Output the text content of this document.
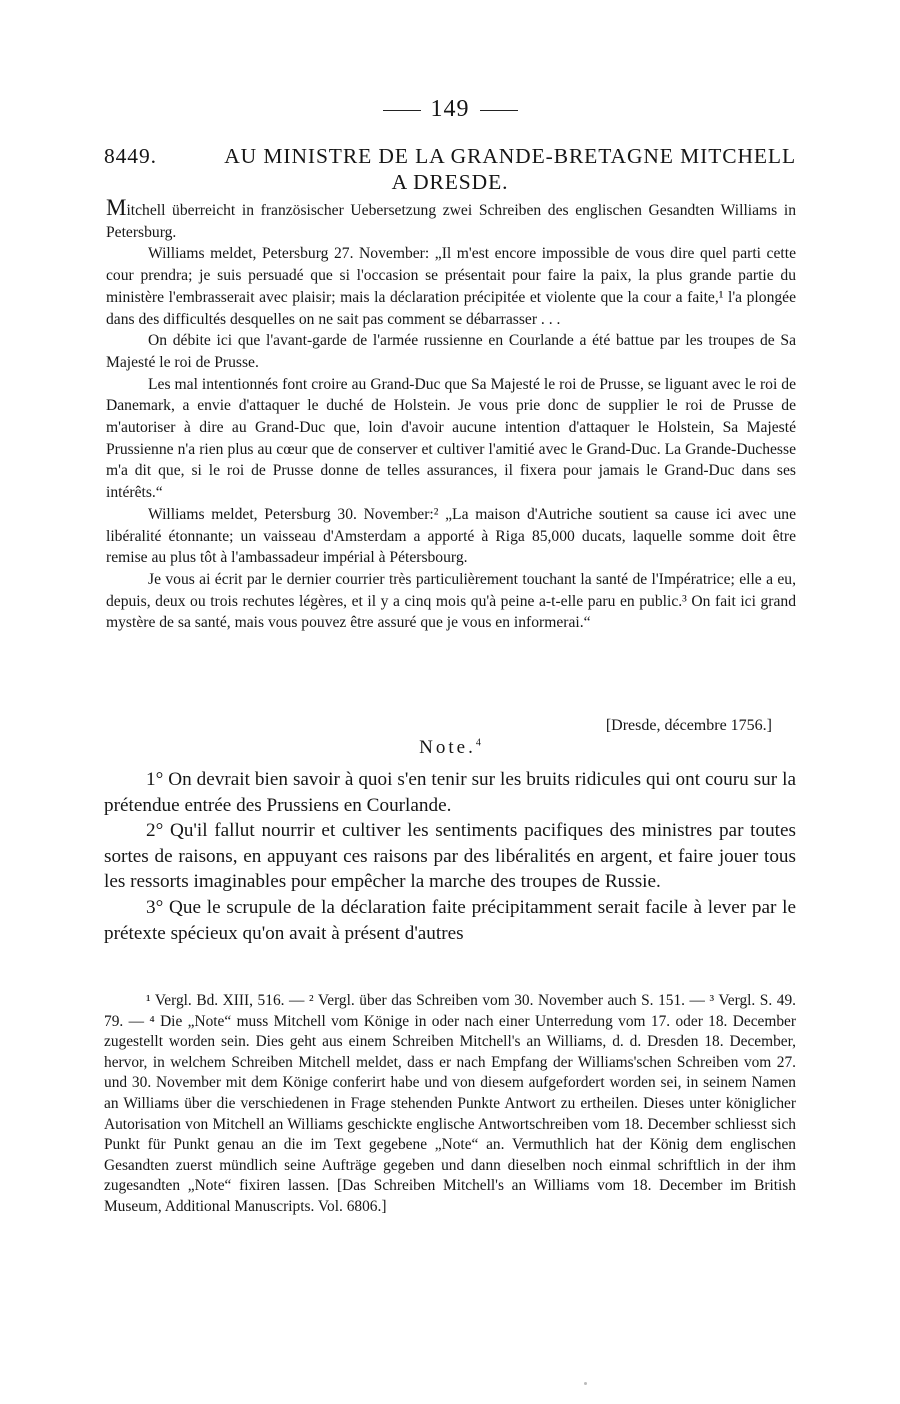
149
8449.	AU MINISTRE DE LA GRANDE-BRETAGNE MITCHELL
A DRESDE.

Mitchell überreicht in französischer Uebersetzung zwei Schreiben des englischen Gesandten Williams in Petersburg.

Williams meldet, Petersburg 27. November: „Il m'est encore impossible de vous dire quel parti cette cour prendra; je suis persuadé que si l'occasion se présentait pour faire la paix, la plus grande partie du ministère l'embrasserait avec plaisir; mais la déclaration précipitée et violente que la cour a faite,¹ l'a plongée dans des difficultés desquelles on ne sait pas comment se débarrasser . . .

On débite ici que l'avant-garde de l'armée russienne en Courlande a été battue par les troupes de Sa Majesté le roi de Prusse.

Les mal intentionnés font croire au Grand-Duc que Sa Majesté le roi de Prusse, se liguant avec le roi de Danemark, a envie d'attaquer le duché de Holstein. Je vous prie donc de supplier le roi de Prusse de m'autoriser à dire au Grand-Duc que, loin d'avoir aucune intention d'attaquer le Holstein, Sa Majesté Prussienne n'a rien plus au cœur que de conserver et cultiver l'amitié avec le Grand-Duc. La Grande-Duchesse m'a dit que, si le roi de Prusse donne de telles assurances, il fixera pour jamais le Grand-Duc dans ses intérêts.“

Williams meldet, Petersburg 30. November:² „La maison d'Autriche soutient sa cause ici avec une libéralité étonnante; un vaisseau d'Amsterdam a apporté à Riga 85,000 ducats, laquelle somme doit être remise au plus tôt à l'ambassadeur impérial à Pétersbourg.

Je vous ai écrit par le dernier courrier très particulièrement touchant la santé de l'Impératrice; elle a eu, depuis, deux ou trois rechutes légères, et il y a cinq mois qu'à peine a-t-elle paru en public.³ On fait ici grand mystère de sa santé, mais vous pouvez être assuré que je vous en informerai.“

[Dresde, décembre 1756.]
Note.$^4$

1° On devrait bien savoir à quoi s'en tenir sur les bruits ridicules qui ont couru sur la prétendue entrée des Prussiens en Courlande.

2° Qu'il fallut nourrir et cultiver les sentiments pacifiques des ministres par toutes sortes de raisons, en appuyant ces raisons par des libéralités en argent, et faire jouer tous les ressorts imaginables pour empêcher la marche des troupes de Russie.

3° Que le scrupule de la déclaration faite précipitamment serait facile à lever par le prétexte spécieux qu'on avait à présent d'autres

¹ Vergl. Bd. XIII, 516. — ² Vergl. über das Schreiben vom 30. November auch S. 151. — ³ Vergl. S. 49. 79. — ⁴ Die „Note“ muss Mitchell vom Könige in oder nach einer Unterredung vom 17. oder 18. December zugestellt worden sein. Dies geht aus einem Schreiben Mitchell's an Williams, d. d. Dresden 18. December, hervor, in welchem Schreiben Mitchell meldet, dass er nach Empfang der Williams'schen Schreiben vom 27. und 30. November mit dem Könige conferirt habe und von diesem aufgefordert worden sei, in seinem Namen an Williams über die verschiedenen in Frage stehenden Punkte Antwort zu ertheilen. Dieses unter königlicher Autorisation von Mitchell an Williams geschickte englische Antwortschreiben vom 18. December schliesst sich Punkt für Punkt genau an die im Text gegebene „Note“ an. Vermuthlich hat der König dem englischen Gesandten zuerst mündlich seine Aufträge gegeben und dann dieselben noch einmal schriftlich in der ihm zugesandten „Note“ fixiren lassen. [Das Schreiben Mitchell's an Williams vom 18. December im British Museum, Additional Manuscripts. Vol. 6806.]
